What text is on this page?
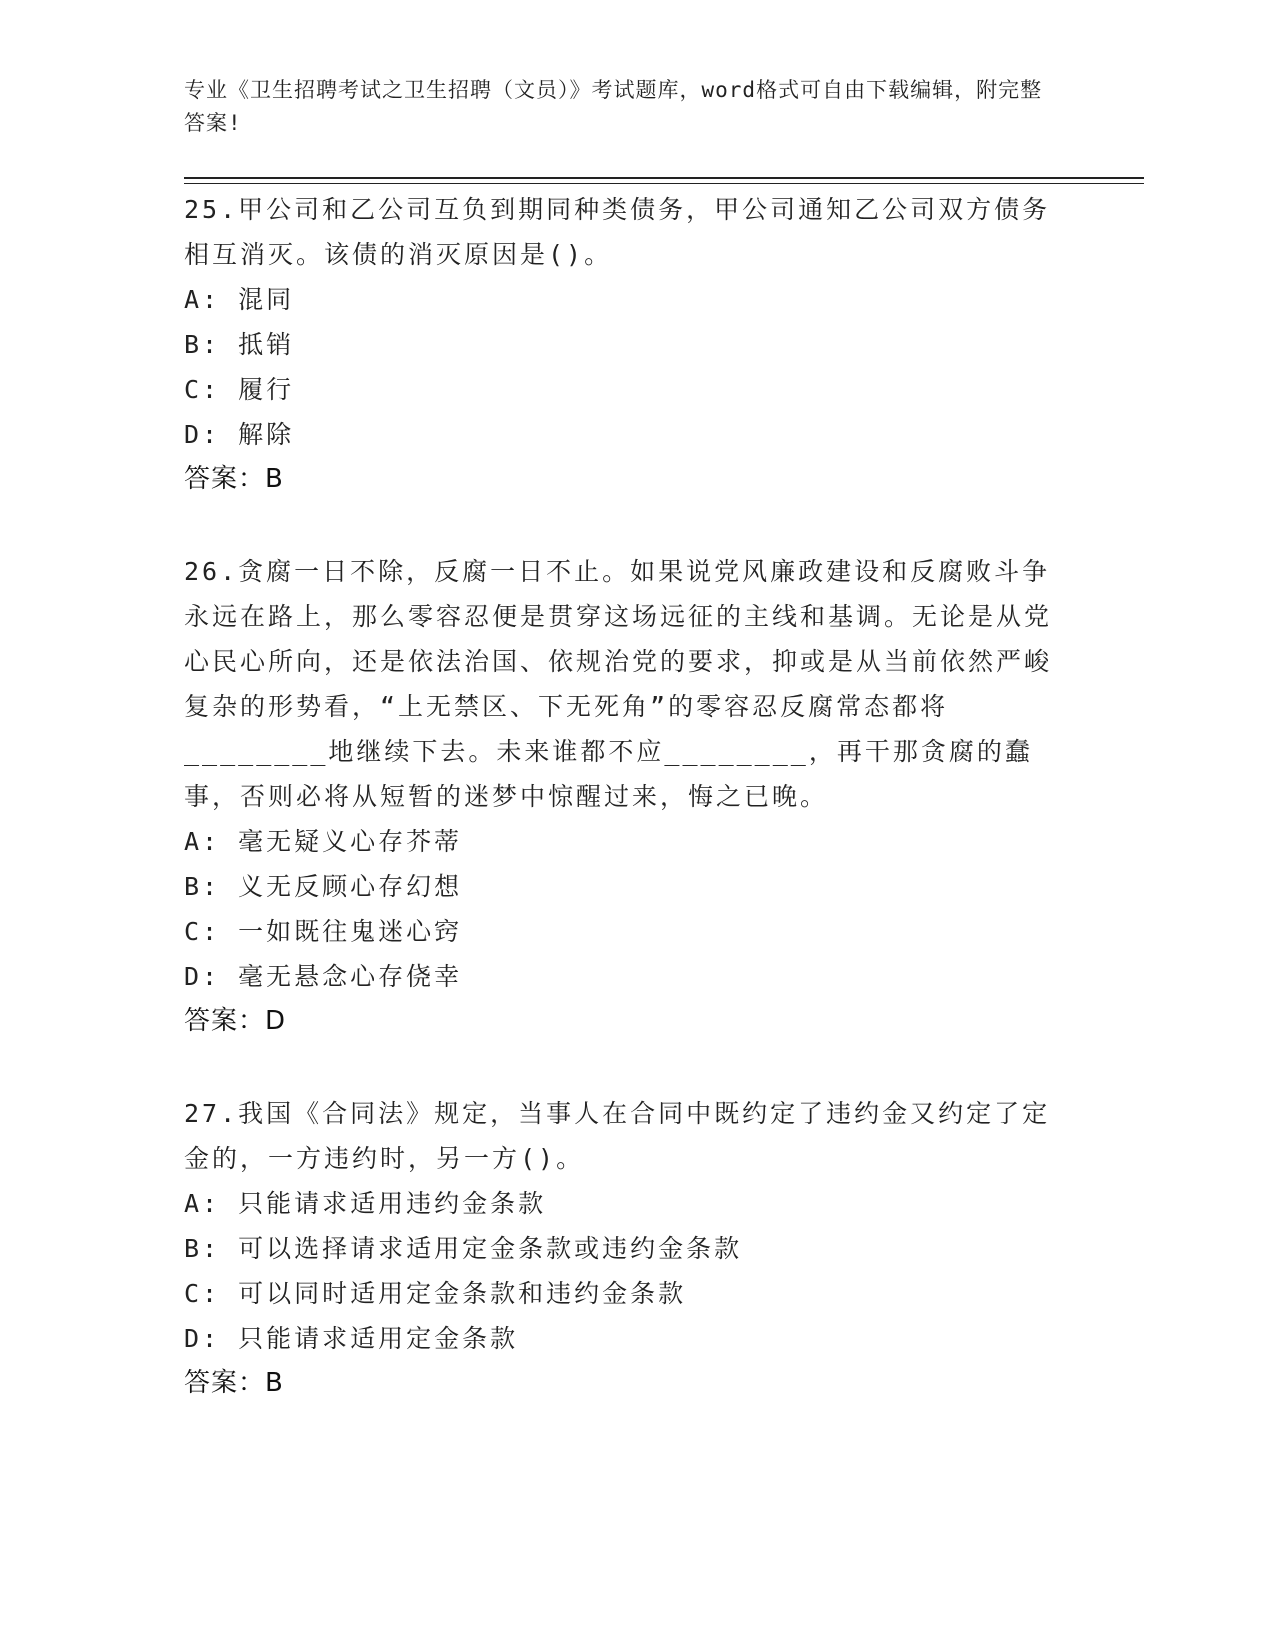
专业《卫生招聘考试之卫生招聘（文员）》考试题库，word格式可自由下载编辑，附完整答案!
25.甲公司和乙公司互负到期同种类债务，甲公司通知乙公司双方债务相互消灭。该债的消灭原因是()。
A: 混同
B: 抵销
C: 履行
D: 解除
答案：B
26.贪腐一日不除，反腐一日不止。如果说党风廉政建设和反腐败斗争永远在路上，那么零容忍便是贯穿这场远征的主线和基调。无论是从党心民心所向，还是依法治国、依规治党的要求，抑或是从当前依然严峻复杂的形势看，“上无禁区、下无死角”的零容忍反腐常态都将________地继续下去。未来谁都不应________，再干那贪腐的蠢事，否则必将从短暂的迷梦中惊醒过来，悔之已晚。
A: 毫无疑义心存芥蒂
B: 义无反顾心存幻想
C: 一如既往鬼迷心窍
D: 毫无悬念心存侥幸
答案：D
27.我国《合同法》规定，当事人在合同中既约定了违约金又约定了定金的，一方违约时，另一方()。
A: 只能请求适用违约金条款
B: 可以选择请求适用定金条款或违约金条款
C: 可以同时适用定金条款和违约金条款
D: 只能请求适用定金条款
答案：B
